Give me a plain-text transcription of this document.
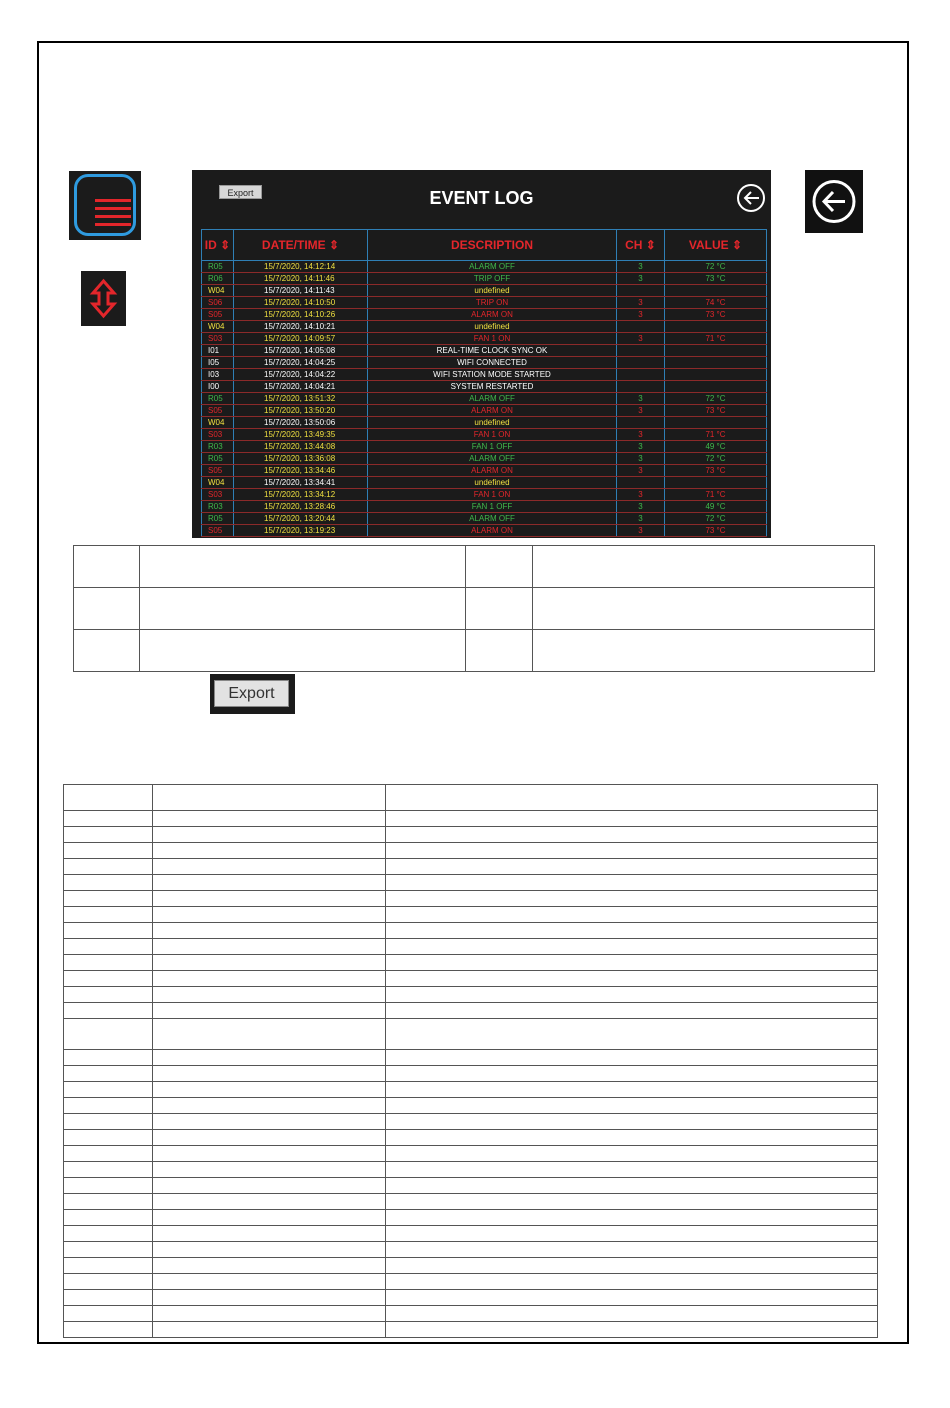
Export	EVENT LOG
ID ⇕	DATE/TIME ⇕	DESCRIPTION	CH ⇕	VALUE ⇕
R05	15/7/2020, 14:12:14	ALARM OFF	3	72 °C
R06	15/7/2020, 14:11:46	TRIP OFF	3	73 °C
W04	15/7/2020, 14:11:43	undefined		
S06	15/7/2020, 14:10:50	TRIP ON	3	74 °C
S05	15/7/2020, 14:10:26	ALARM ON	3	73 °C
W04	15/7/2020, 14:10:21	undefined		
S03	15/7/2020, 14:09:57	FAN 1 ON	3	71 °C
I01	15/7/2020, 14:05:08	REAL-TIME CLOCK SYNC OK		
I05	15/7/2020, 14:04:25	WIFI CONNECTED		
I03	15/7/2020, 14:04:22	WIFI STATION MODE STARTED		
I00	15/7/2020, 14:04:21	SYSTEM RESTARTED		
R05	15/7/2020, 13:51:32	ALARM OFF	3	72 °C
S05	15/7/2020, 13:50:20	ALARM ON	3	73 °C
W04	15/7/2020, 13:50:06	undefined		
S03	15/7/2020, 13:49:35	FAN 1 ON	3	71 °C
R03	15/7/2020, 13:44:08	FAN 1 OFF	3	49 °C
R05	15/7/2020, 13:36:08	ALARM OFF	3	72 °C
S05	15/7/2020, 13:34:46	ALARM ON	3	73 °C
W04	15/7/2020, 13:34:41	undefined		
S03	15/7/2020, 13:34:12	FAN 1 ON	3	71 °C
R03	15/7/2020, 13:28:46	FAN 1 OFF	3	49 °C
R05	15/7/2020, 13:20:44	ALARM OFF	3	72 °C
S05	15/7/2020, 13:19:23	ALARM ON	3	73 °C

Export
